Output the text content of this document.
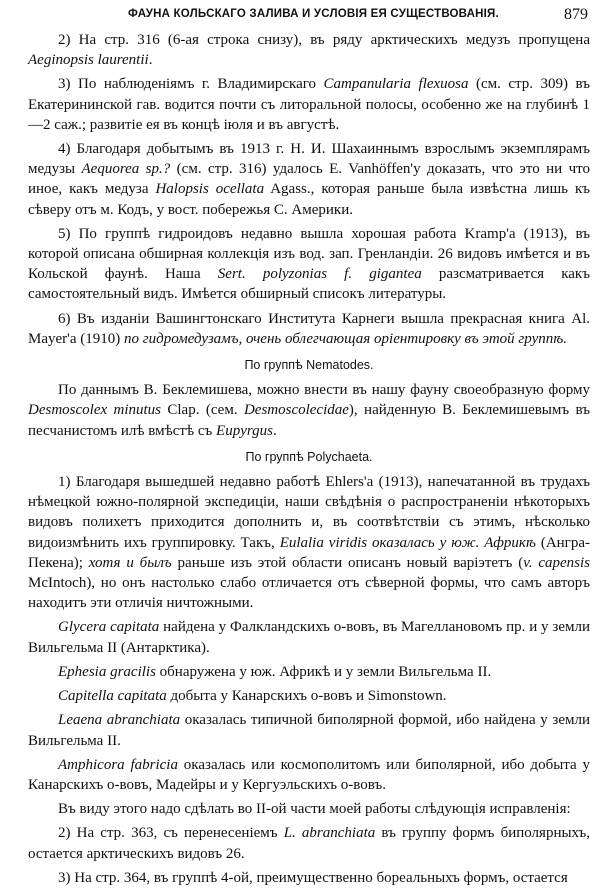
ФАУНА КОЛЬСКАГО ЗАЛИВА И УСЛОВІЯ ЕЯ СУЩЕСТВОВАНІЯ.	879

2) На стр. 316 (6-ая строка снизу), въ ряду арктическихъ медузъ пропущена Aeginopsis laurentii.

3) По наблюденіямъ г. Владимирскаго Campanularia flexuosa (см. стр. 309) въ Екатерининской гав. водится почти съ литоральной полосы, особенно же на глубинѣ 1—2 саж.; развитіе ея въ концѣ іюля и въ августѣ.

4) Благодаря добытымъ въ 1913 г. Н. И. Шахаиннымъ взрослымъ экземплярамъ медузы Aequorea sp.? (см. стр. 316) удалось E. Vanhöffen'у доказать, что это ни что иное, какъ медуза Halopsis ocellata Agass., которая раньше была извѣстна лишь къ сѣверу отъ м. Кодъ, у вост. побережья С. Америки.

5) По группѣ гидроидовъ недавно вышла хорошая работа Kramp'a (1913), въ которой описана обширная коллекція изъ вод. зап. Гренландіи. 26 видовъ имѣется и въ Кольской фаунѣ. Наша Sert. polyzonias f. gigantea разсматривается какъ самостоятельный видъ. Имѣется обширный списокъ литературы.

6) Въ изданіи Вашингтонскаго Института Карнеги вышла прекрасная книга Al. Mayer'a (1910) по гидромедузамъ, очень облегчающая оріентировку въ этой группѣ.

По группѣ Nematodes.

По даннымъ В. Беклемишева, можно внести въ нашу фауну своеобразную форму Desmoscolex minutus Clap. (сем. Desmoscolecidae), найденную В. Беклемишевымъ въ песчанистомъ илѣ вмѣстѣ съ Eupyrgus.

По группѣ Polychaeta.

1) Благодаря вышедшей недавно работѣ Ehlers'a (1913), напечатанной въ трудахъ нѣмецкой южно-полярной экспедиціи, наши свѣдѣнія о распространеніи нѣкоторыхъ видовъ полихетъ приходится дополнить и, въ соотвѣтствіи съ этимъ, нѣсколько видоизмѣнить ихъ группировку. Такъ, Eulalia viridis оказалась у юж. Африкѣ (Ангра-Пекена); хотя и былъ раньше изъ этой области описанъ новый варіэтетъ (v. capensis McIntoch), но онъ настолько слабо отличается отъ сѣверной формы, что самъ авторъ находитъ эти отличія ничтожными.

Glycera capitata найдена у Фалкландскихъ о-вовъ, въ Магеллановомъ пр. и у земли Вильгельма II (Антарктика).

Ephesia gracilis обнаружена у юж. Африкѣ и у земли Вильгельма II.

Capitella capitata добыта у Канарскихъ о-вовъ и Simonstown.

Leaena abranchiata оказалась типичной биполярной формой, ибо найдена у земли Вильгельма II.

Amphicora fabricia оказалась или космополитомъ или биполярной, ибо добыта у Канарскихъ о-вовъ, Мадейры и у Кергуэльскихъ о-вовъ.

Въ виду этого надо сдѣлать во II-ой части моей работы слѣдующія исправленія:

2) На стр. 363, съ перенесеніемъ L. abranchiata въ группу формъ биполярныхъ, остается арктическихъ видовъ 26.

3) На стр. 364, въ группѣ 4-ой, преимущественно бореальныхъ формъ, остается
